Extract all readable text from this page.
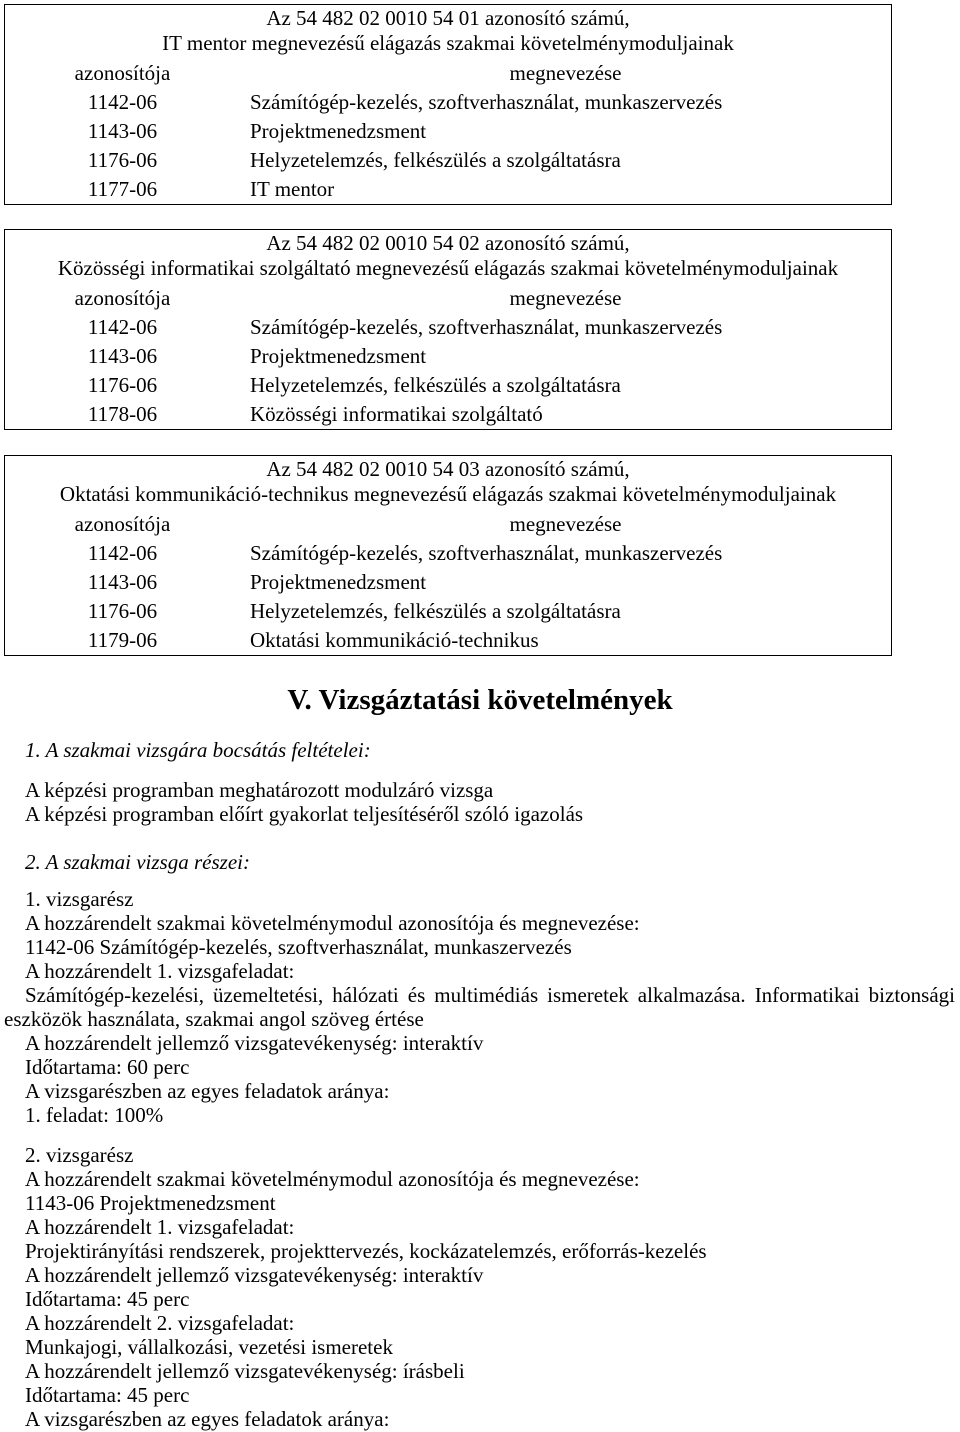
Az 54 482 02 0010 54 01 azonosító számú,
IT mentor megnevezésű elágazás szakmai követelménymoduljainak
azonosítója	megnevezése
1142-06	Számítógép-kezelés, szoftverhasználat, munkaszervezés
1143-06	Projektmenedzsment
1176-06	Helyzetelemzés, felkészülés a szolgáltatásra
1177-06	IT mentor
Az 54 482 02 0010 54 02 azonosító számú,
Közösségi informatikai szolgáltató megnevezésű elágazás szakmai követelménymoduljainak
azonosítója	megnevezése
1142-06	Számítógép-kezelés, szoftverhasználat, munkaszervezés
1143-06	Projektmenedzsment
1176-06	Helyzetelemzés, felkészülés a szolgáltatásra
1178-06	Közösségi informatikai szolgáltató
Az 54 482 02 0010 54 03 azonosító számú,
Oktatási kommunikáció-technikus megnevezésű elágazás szakmai követelménymoduljainak
azonosítója	megnevezése
1142-06	Számítógép-kezelés, szoftverhasználat, munkaszervezés
1143-06	Projektmenedzsment
1176-06	Helyzetelemzés, felkészülés a szolgáltatásra
1179-06	Oktatási kommunikáció-technikus
V. Vizsgáztatási követelmények
1. A szakmai vizsgára bocsátás feltételei:
A képzési programban meghatározott modulzáró vizsga
A képzési programban előírt gyakorlat teljesítéséről szóló igazolás
2. A szakmai vizsga részei:
1. vizsgarész
A hozzárendelt szakmai követelménymodul azonosítója és megnevezése:
1142-06 Számítógép-kezelés, szoftverhasználat, munkaszervezés
A hozzárendelt 1. vizsgafeladat:
Számítógép-kezelési, üzemeltetési, hálózati és multimédiás ismeretek alkalmazása. Informatikai biztonsági eszközök használata, szakmai angol szöveg értése
A hozzárendelt jellemző vizsgatevékenység: interaktív
Időtartama: 60 perc
A vizsgarészben az egyes feladatok aránya:
1. feladat: 100%
2. vizsgarész
A hozzárendelt szakmai követelménymodul azonosítója és megnevezése:
1143-06 Projektmenedzsment
A hozzárendelt 1. vizsgafeladat:
Projektirányítási rendszerek, projekttervezés, kockázatelemzés, erőforrás-kezelés
A hozzárendelt jellemző vizsgatevékenység: interaktív
Időtartama: 45 perc
A hozzárendelt 2. vizsgafeladat:
Munkajogi, vállalkozási, vezetési ismeretek
A hozzárendelt jellemző vizsgatevékenység: írásbeli
Időtartama: 45 perc
A vizsgarészben az egyes feladatok aránya:
